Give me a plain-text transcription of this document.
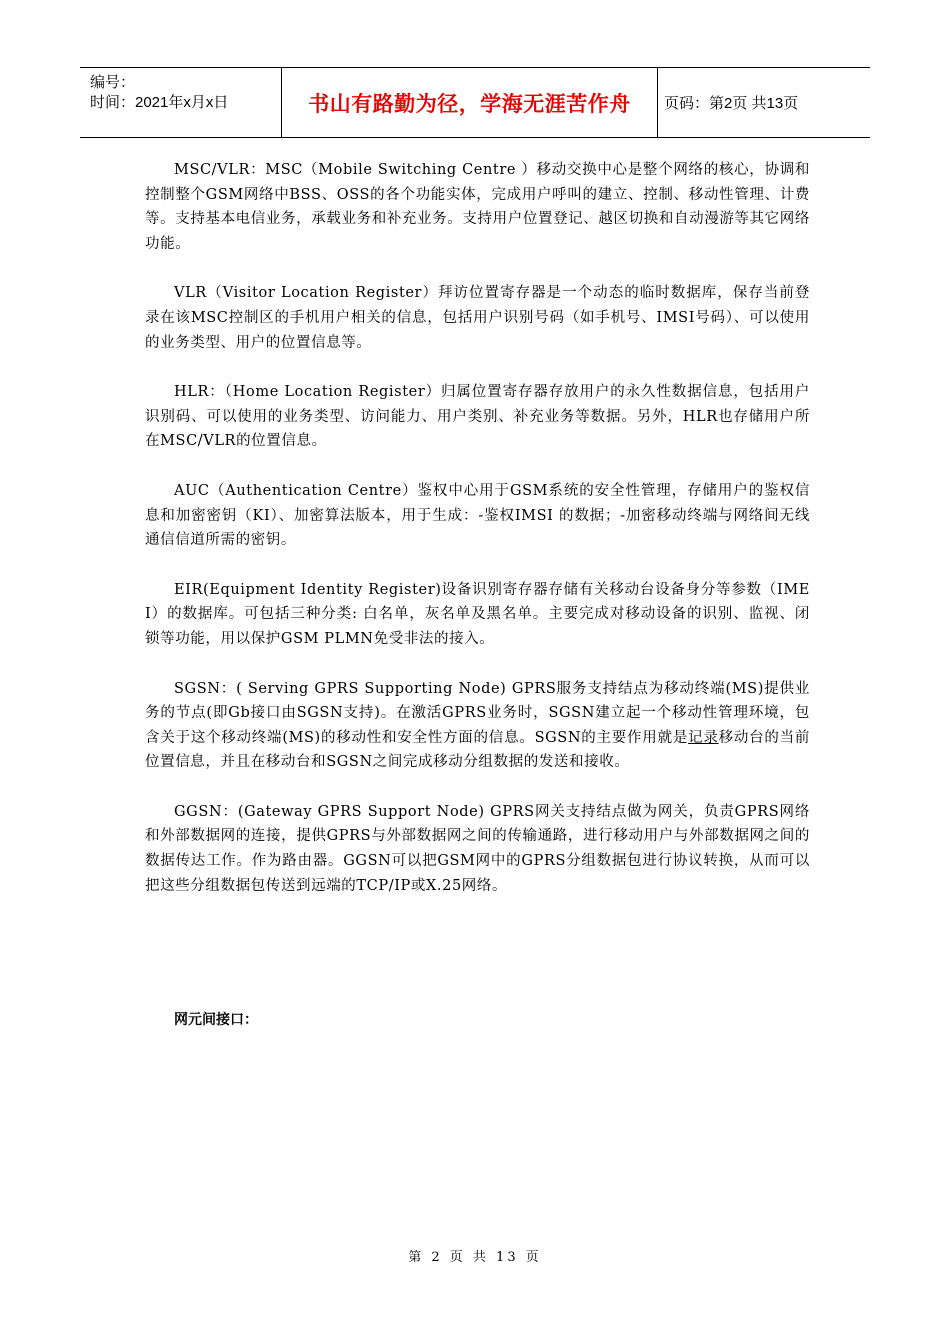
编号：
时间：2021年x月x日	书山有路勤为径，学海无涯苦作舟 页码：第2页 共13页

MSC/VLR：MSC（Mobile Switching Centre ）移动交换中心是整个网络的核心，协调和控制整个GSM网络中BSS、OSS的各个功能实体，完成用户呼叫的建立、控制、移动性管理、计费等。支持基本电信业务，承载业务和补充业务。支持用户位置登记、越区切换和自动漫游等其它网络功能。

VLR（Visitor Location Register）拜访位置寄存器是一个动态的临时数据库，保存当前登录在该MSC控制区的手机用户相关的信息，包括用户识别号码（如手机号、IMSI号码）、可以使用的业务类型、用户的位置信息等。

HLR：（Home Location Register）归属位置寄存器存放用户的永久性数据信息，包括用户识别码、可以使用的业务类型、访问能力、用户类别、补充业务等数据。另外，HLR也存储用户所在MSC/VLR的位置信息。

AUC（Authentication Centre）鉴权中心用于GSM系统的安全性管理，存储用户的鉴权信息和加密密钥（KI）、加密算法版本，用于生成：-鉴权IMSI 的数据；-加密移动终端与网络间无线通信信道所需的密钥。

EIR(Equipment Identity Register)设备识别寄存器存储有关移动台设备身分等参数（IMEI）的数据库。可包括三种分类: 白名单，灰名单及黑名单。主要完成对移动设备的识别、监视、闭锁等功能，用以保护GSM PLMN免受非法的接入。

SGSN：( Serving GPRS Supporting Node) GPRS服务支持结点为移动终端(MS)提供业务的节点(即Gb接口由SGSN支持)。在激活GPRS业务时，SGSN建立起一个移动性管理环境，包含关于这个移动终端(MS)的移动性和安全性方面的信息。SGSN的主要作用就是记录移动台的当前位置信息，并且在移动台和SGSN之间完成移动分组数据的发送和接收。

GGSN：(Gateway GPRS Support Node) GPRS网关支持结点做为网关，负责GPRS网络和外部数据网的连接，提供GPRS与外部数据网之间的传输通路，进行移动用户与外部数据网之间的数据传达工作。作为路由器。GGSN可以把GSM网中的GPRS分组数据包进行协议转换，从而可以把这些分组数据包传送到远端的TCP/IP或X.25网络。

网元间接口：
第 2 页 共 13 页
